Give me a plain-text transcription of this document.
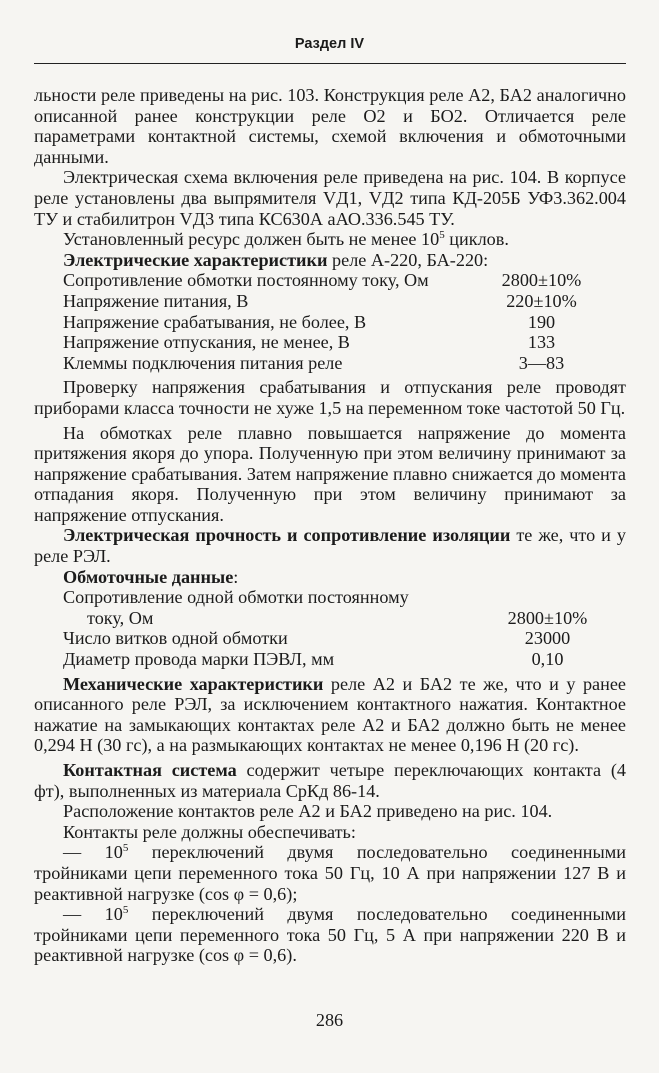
Раздел IV

льности реле приведены на рис. 103. Конструкция реле А2, БА2 аналогично описанной ранее конструкции реле О2 и БО2. Отличается реле параметрами контактной системы, схемой включения и обмоточными данными.

Электрическая схема включения реле приведена на рис. 104. В корпусе реле установлены два выпрямителя VД1, VД2 типа КД-205Б УФ3.362.004 ТУ и стабилитрон VД3 типа КС630А аАО.336.545 ТУ.

Установленный ресурс должен быть не менее $10^5$ циклов.

Электрические характеристики реле А-220, БА-220:

Сопротивление обмотки постоянному току, Ом	2800±10%
Напряжение питания, В	220±10%
Напряжение срабатывания, не более, В	190
Напряжение отпускания, не менее, В	133
Клеммы подключения питания реле	3—83

Проверку напряжения срабатывания и отпускания реле проводят приборами класса точности не хуже 1,5 на переменном токе частотой 50 Гц.

На обмотках реле плавно повышается напряжение до момента притяжения якоря до упора. Полученную при этом величину принимают за напряжение срабатывания. Затем напряжение плавно снижается до момента отпадания якоря. Полученную при этом величину принимают за напряжение отпускания.

Электрическая прочность и сопротивление изоляции те же, что и у реле РЭЛ.

Обмоточные данные:

Сопротивление одной обмотки постоянному
току, Ом	2800±10%
Число витков одной обмотки	23000
Диаметр провода марки ПЭВЛ, мм	0,10

Механические характеристики реле А2 и БА2 те же, что и у ранее описанного реле РЭЛ, за исключением контактного нажатия. Контактное нажатие на замыкающих контактах реле А2 и БА2 должно быть не менее 0,294 Н (30 гс), а на размыкающих контактах не менее 0,196 Н (20 гс).

Контактная система содержит четыре переключающих контакта (4 фт), выполненных из материала СрКд 86-14.

Расположение контактов реле А2 и БА2 приведено на рис. 104.

Контакты реле должны обеспечивать:

— $10^5$ переключений двумя последовательно соединенными тройниками цепи переменного тока 50 Гц, 10 А при напряжении 127 В и реактивной нагрузке (cos φ = 0,6);

— $10^5$ переключений двумя последовательно соединенными тройниками цепи переменного тока 50 Гц, 5 А при напряжении 220 В и реактивной нагрузке (cos φ = 0,6).

286
